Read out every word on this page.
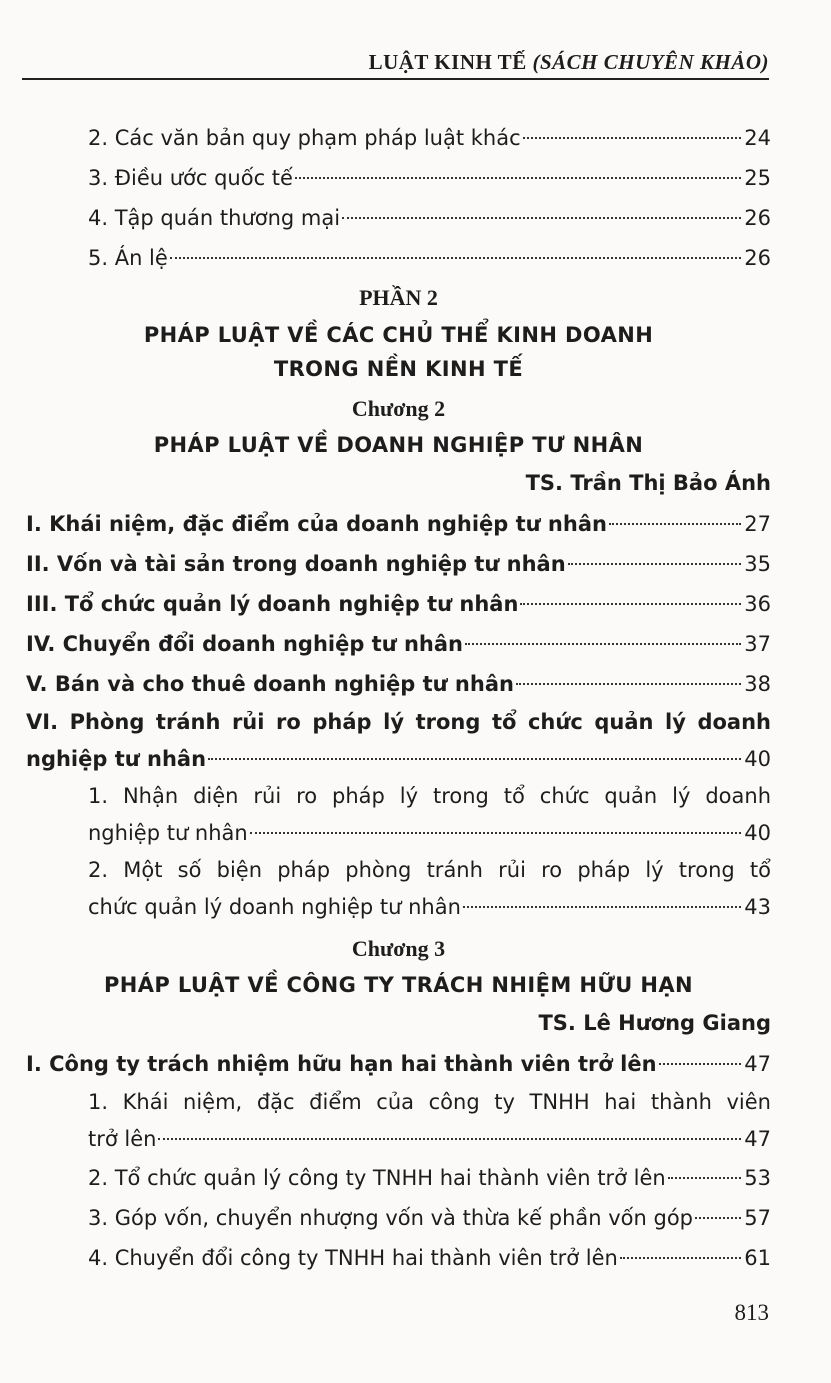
LUẬT KINH TẾ (SÁCH CHUYÊN KHẢO)
2. Các văn bản quy phạm pháp luật khác	24
3. Điều ước quốc tế	25
4. Tập quán thương mại	26
5. Án lệ	26
PHẦN 2
PHÁP LUẬT VỀ CÁC CHỦ THỂ KINH DOANH
TRONG NỀN KINH TẾ
Chương 2
PHÁP LUẬT VỀ DOANH NGHIỆP TƯ NHÂN
TS. Trần Thị Bảo Ánh
I. Khái niệm, đặc điểm của doanh nghiệp tư nhân	27
II. Vốn và tài sản trong doanh nghiệp tư nhân	35
III. Tổ chức quản lý doanh nghiệp tư nhân	36
IV. Chuyển đổi doanh nghiệp tư nhân	37
V. Bán và cho thuê doanh nghiệp tư nhân	38
VI. Phòng tránh rủi ro pháp lý trong tổ chức quản lý doanh
nghiệp tư nhân	40
1. Nhận diện rủi ro pháp lý trong tổ chức quản lý doanh
nghiệp tư nhân	40
2. Một số biện pháp phòng tránh rủi ro pháp lý trong tổ
chức quản lý doanh nghiệp tư nhân	43
Chương 3
PHÁP LUẬT VỀ CÔNG TY TRÁCH NHIỆM HỮU HẠN
TS. Lê Hương Giang
I. Công ty trách nhiệm hữu hạn hai thành viên trở lên	47
1. Khái niệm, đặc điểm của công ty TNHH hai thành viên
trở lên	47
2. Tổ chức quản lý công ty TNHH hai thành viên trở lên	53
3. Góp vốn, chuyển nhượng vốn và thừa kế phần vốn góp 57
4. Chuyển đổi công ty TNHH hai thành viên trở lên	61
813
